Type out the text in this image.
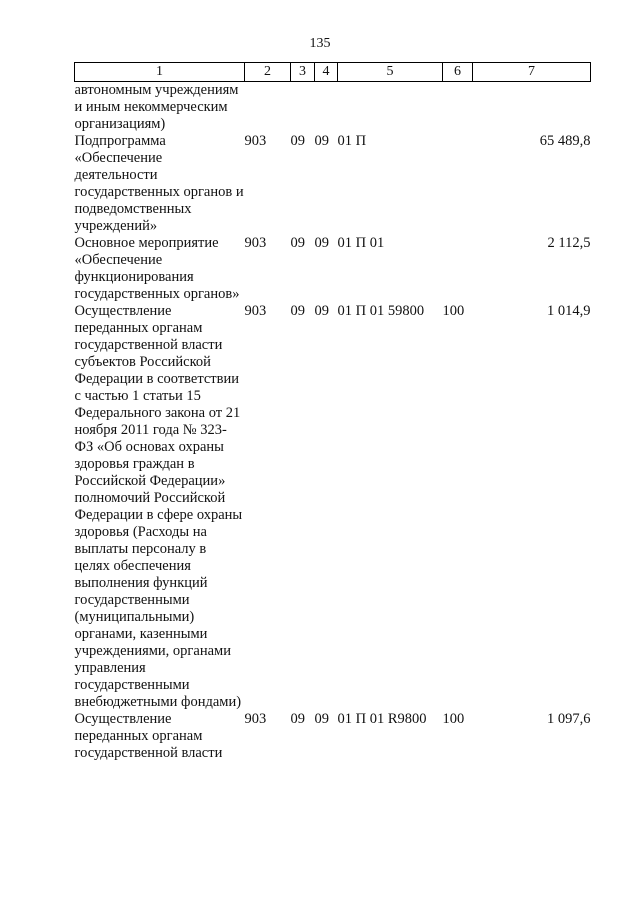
135
1	2	3	4	5	6	7
автономным учреждениям и иным некоммерческим организациям)						
Подпрограмма «Обеспечение деятельности государственных органов и подведомственных учреждений»	903	09	09	01 П		65 489,8
Основное мероприятие «Обеспечение функционирования государственных органов»	903	09	09	01 П 01		2 112,5
Осуществление переданных органам государственной власти субъектов Российской Федерации в соответствии с частью 1 статьи 15 Федерального закона от 21 ноября 2011 года № 323-ФЗ «Об основах охраны здоровья граждан в Российской Федерации» полномочий Российской Федерации в сфере охраны здоровья (Расходы на выплаты персоналу в целях обеспечения выполнения функций государственными (муниципальными) органами, казенными учреждениями, органами управления государственными внебюджетными фондами)	903	09	09	01 П 01 59800	100	1 014,9
Осуществление переданных органам государственной власти	903	09	09	01 П 01 R9800	100	1 097,6
